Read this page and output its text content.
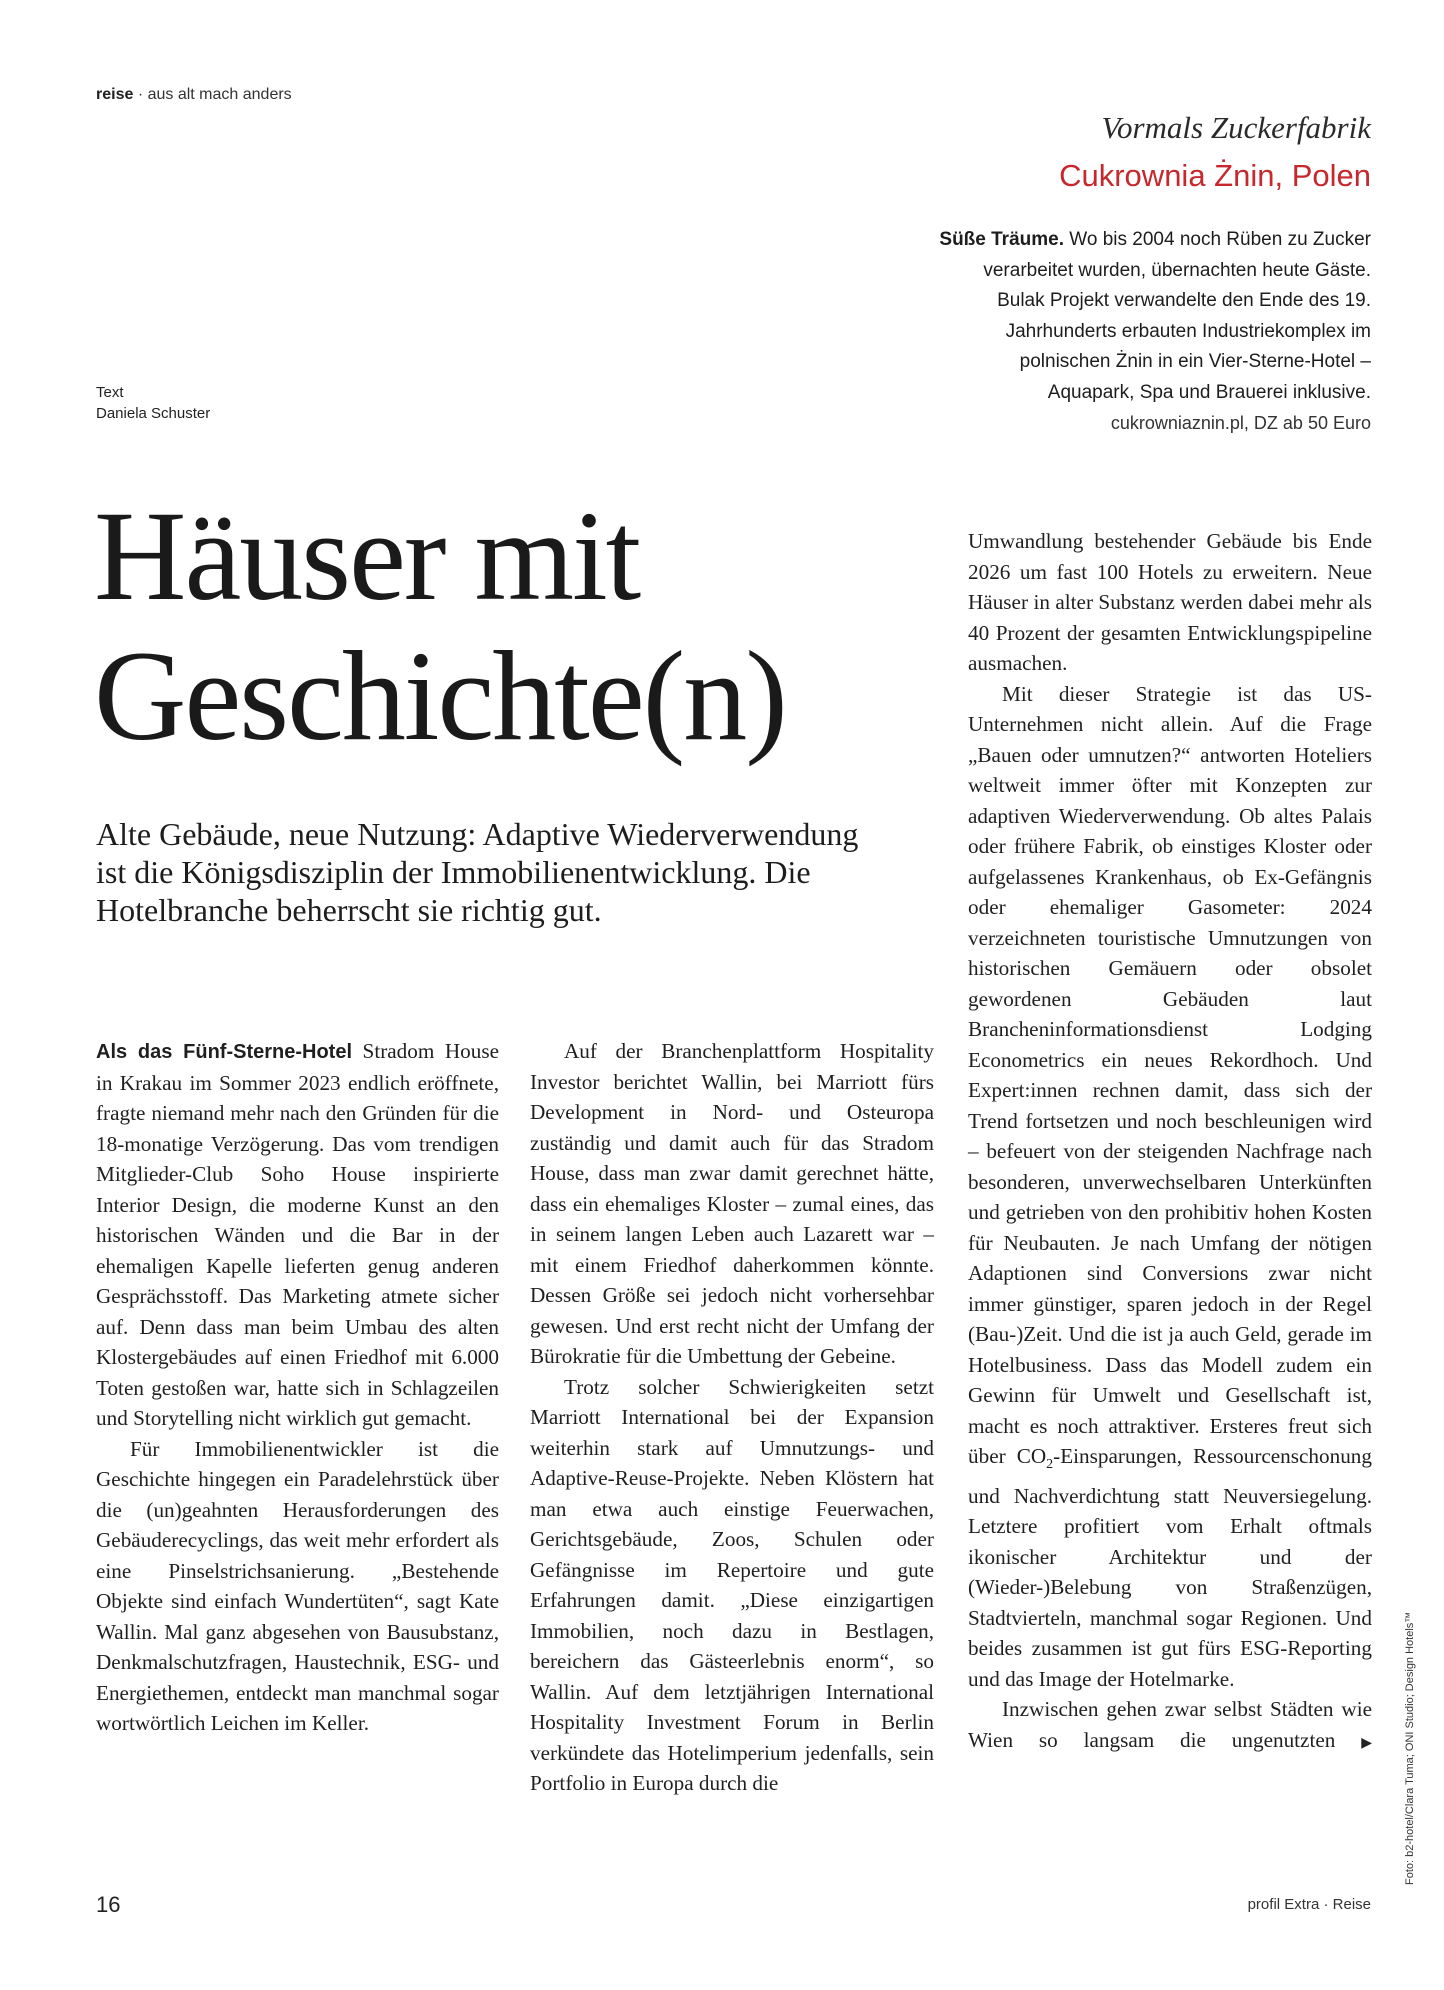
reise · aus alt mach anders
Vormals Zuckerfabrik
Cukrownia Żnin, Polen
Süße Träume. Wo bis 2004 noch Rüben zu Zucker verarbeitet wurden, übernachten heute Gäste. Bulak Projekt verwandelte den Ende des 19. Jahrhunderts erbauten Industriekomplex im polnischen Żnin in ein Vier-Sterne-Hotel – Aquapark, Spa und Brauerei inklusive.
cukrowniaznin.pl, DZ ab 50 Euro
Text
Daniela Schuster
Häuser mit
Geschichte(n)
Alte Gebäude, neue Nutzung: Adaptive Wiederverwendung ist die Königsdisziplin der Immobilienentwicklung. Die Hotelbranche beherrscht sie richtig gut.

Als das Fünf-Sterne-Hotel Stradom House in Krakau im Sommer 2023 endlich eröffnete, fragte niemand mehr nach den Gründen für die 18-monatige Verzögerung. Das vom trendigen Mitglieder-Club Soho House inspirierte Interior Design, die moderne Kunst an den historischen Wänden und die Bar in der ehemaligen Kapelle lieferten genug anderen Gesprächsstoff. Das Marketing atmete sicher auf. Denn dass man beim Umbau des alten Klostergebäudes auf einen Friedhof mit 6.000 Toten gestoßen war, hatte sich in Schlagzeilen und Storytelling nicht wirklich gut gemacht.

Für Immobilienentwickler ist die Geschichte hingegen ein Paradelehrstück über die (un)geahnten Herausforderungen des Gebäuderecyclings, das weit mehr erfordert als eine Pinselstrichsanierung. „Bestehende Objekte sind einfach Wundertüten“, sagt Kate Wallin. Mal ganz abgesehen von Bausubstanz, Denkmalschutzfragen, Haustechnik, ESG- und Energiethemen, entdeckt man manchmal sogar wortwörtlich Leichen im Keller.

Auf der Branchenplattform Hospitality Investor berichtet Wallin, bei Marriott fürs Development in Nord- und Osteuropa zuständig und damit auch für das Stradom House, dass man zwar damit gerechnet hätte, dass ein ehemaliges Kloster – zumal eines, das in seinem langen Leben auch Lazarett war – mit einem Friedhof daherkommen könnte. Dessen Größe sei jedoch nicht vorhersehbar gewesen. Und erst recht nicht der Umfang der Bürokratie für die Umbettung der Gebeine.

Trotz solcher Schwierigkeiten setzt Marriott International bei der Expansion weiterhin stark auf Umnutzungs- und Adaptive-Reuse-Projekte. Neben Klöstern hat man etwa auch einstige Feuerwachen, Gerichtsgebäude, Zoos, Schulen oder Gefängnisse im Repertoire und gute Erfahrungen damit. „Diese einzigartigen Immobilien, noch dazu in Bestlagen, bereichern das Gästeerlebnis enorm“, so Wallin. Auf dem letztjährigen International Hospitality Investment Forum in Berlin verkündete das Hotelimperium jedenfalls, sein Portfolio in Europa durch die

Umwandlung bestehender Gebäude bis Ende 2026 um fast 100 Hotels zu erweitern. Neue Häuser in alter Substanz werden dabei mehr als 40 Prozent der gesamten Entwicklungspipeline ausmachen.

Mit dieser Strategie ist das US-Unternehmen nicht allein. Auf die Frage „Bauen oder umnutzen?“ antworten Hoteliers weltweit immer öfter mit Konzepten zur adaptiven Wiederverwendung. Ob altes Palais oder frühere Fabrik, ob einstiges Kloster oder aufgelassenes Krankenhaus, ob Ex-Gefängnis oder ehemaliger Gasometer: 2024 verzeichneten touristische Umnutzungen von historischen Gemäuern oder obsolet gewordenen Gebäuden laut Brancheninformationsdienst Lodging Econometrics ein neues Rekordhoch. Und Expert:innen rechnen damit, dass sich der Trend fortsetzen und noch beschleunigen wird – befeuert von der steigenden Nachfrage nach besonderen, unverwechselbaren Unterkünften und getrieben von den prohibitiv hohen Kosten für Neubauten. Je nach Umfang der nötigen Adaptionen sind Conversions zwar nicht immer günstiger, sparen jedoch in der Regel (Bau-)Zeit. Und die ist ja auch Geld, gerade im Hotelbusiness. Dass das Modell zudem ein Gewinn für Umwelt und Gesellschaft ist, macht es noch attraktiver. Ersteres freut sich über $CO_2$-Einsparungen, Ressourcenschonung und Nachverdichtung statt Neuversiegelung. Letztere profitiert vom Erhalt oftmals ikonischer Architektur und der (Wieder-)Belebung von Straßenzügen, Stadtvierteln, manchmal sogar Regionen. Und beides zusammen ist gut fürs ESG-Reporting und das Image der Hotelmarke.

Inzwischen gehen zwar selbst Städten wie Wien so langsam die ungenutzten ▶	Foto: b2-hotel/Clara Tuma; ONI Studio; Design Hotels™
16	profil Extra · Reise
